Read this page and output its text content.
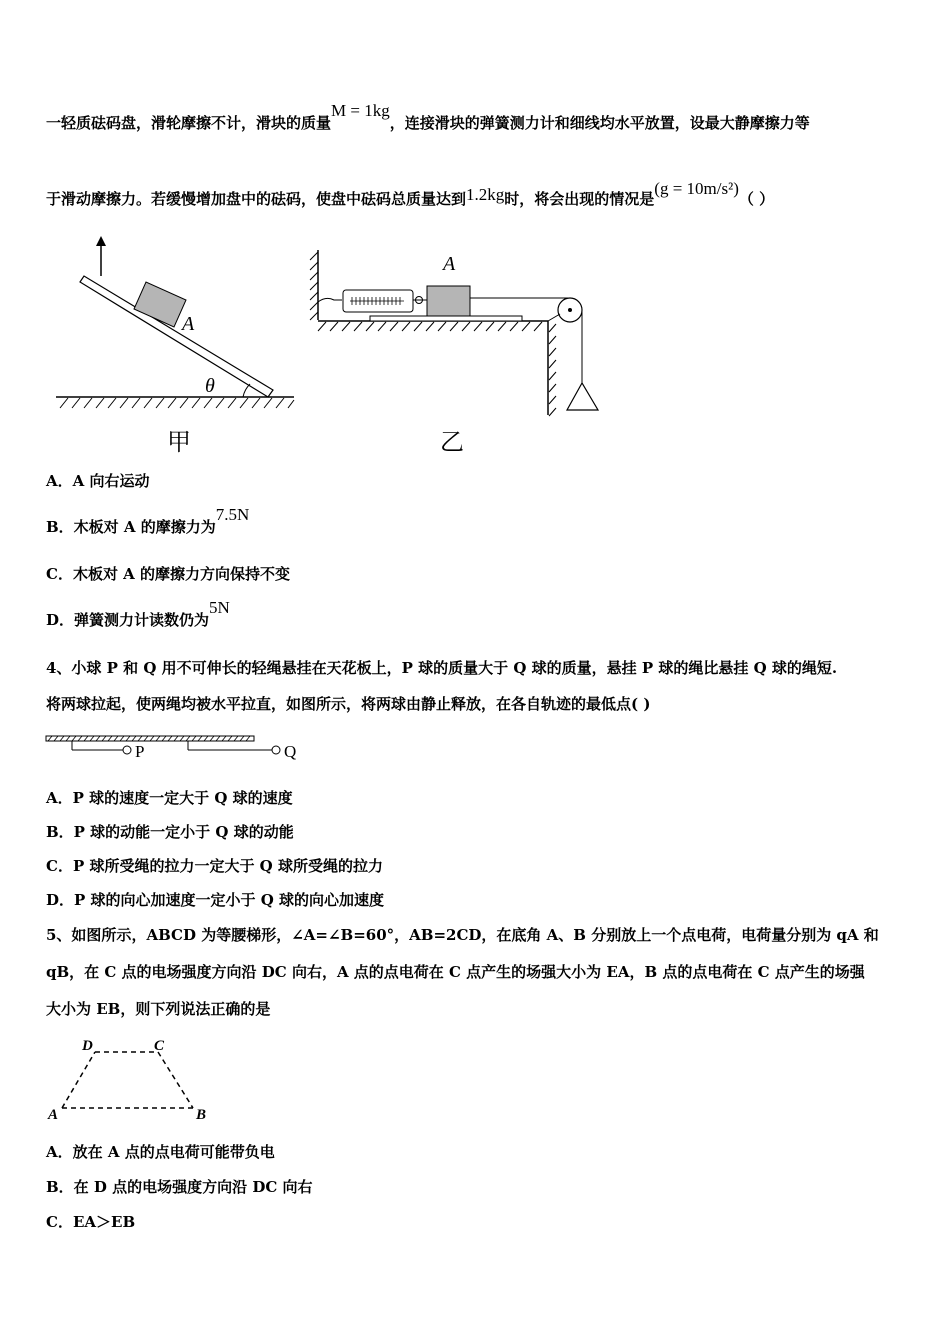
一轻质砝码盘，滑轮摩擦不计，滑块的质量M = 1kg，连接滑块的弹簧测力计和细线均水平放置，设最大静摩擦力等
于滑动摩擦力。若缓慢增加盘中的砝码，使盘中砝码总质量达到1.2kg时，将会出现的情况是(g = 10m/s²)（ ）
A
θ
甲
A
乙
A．A 向右运动
B．木板对 A 的摩擦力为7.5N
C．木板对 A 的摩擦力方向保持不变
D．弹簧测力计读数仍为5N
4、小球 P 和 Q 用不可伸长的轻绳悬挂在天花板上，P 球的质量大于 Q 球的质量，悬挂 P 球的绳比悬挂 Q 球的绳短.
将两球拉起，使两绳均被水平拉直，如图所示，将两球由静止释放，在各自轨迹的最低点( )
P	Q
A．P 球的速度一定大于 Q 球的速度
B．P 球的动能一定小于 Q 球的动能
C．P 球所受绳的拉力一定大于 Q 球所受绳的拉力
D．P 球的向心加速度一定小于 Q 球的向心加速度
5、如图所示，ABCD 为等腰梯形，∠A=∠B=60°，AB=2CD，在底角 A、B 分别放上一个点电荷，电荷量分别为 qA 和
qB，在 C 点的电场强度方向沿 DC 向右，A 点的点电荷在 C 点产生的场强大小为 EA，B 点的点电荷在 C 点产生的场强
大小为 EB，则下列说法正确的是
D	C
A	B
A．放在 A 点的点电荷可能带负电
B．在 D 点的电场强度方向沿 DC 向右
C．EA＞EB
